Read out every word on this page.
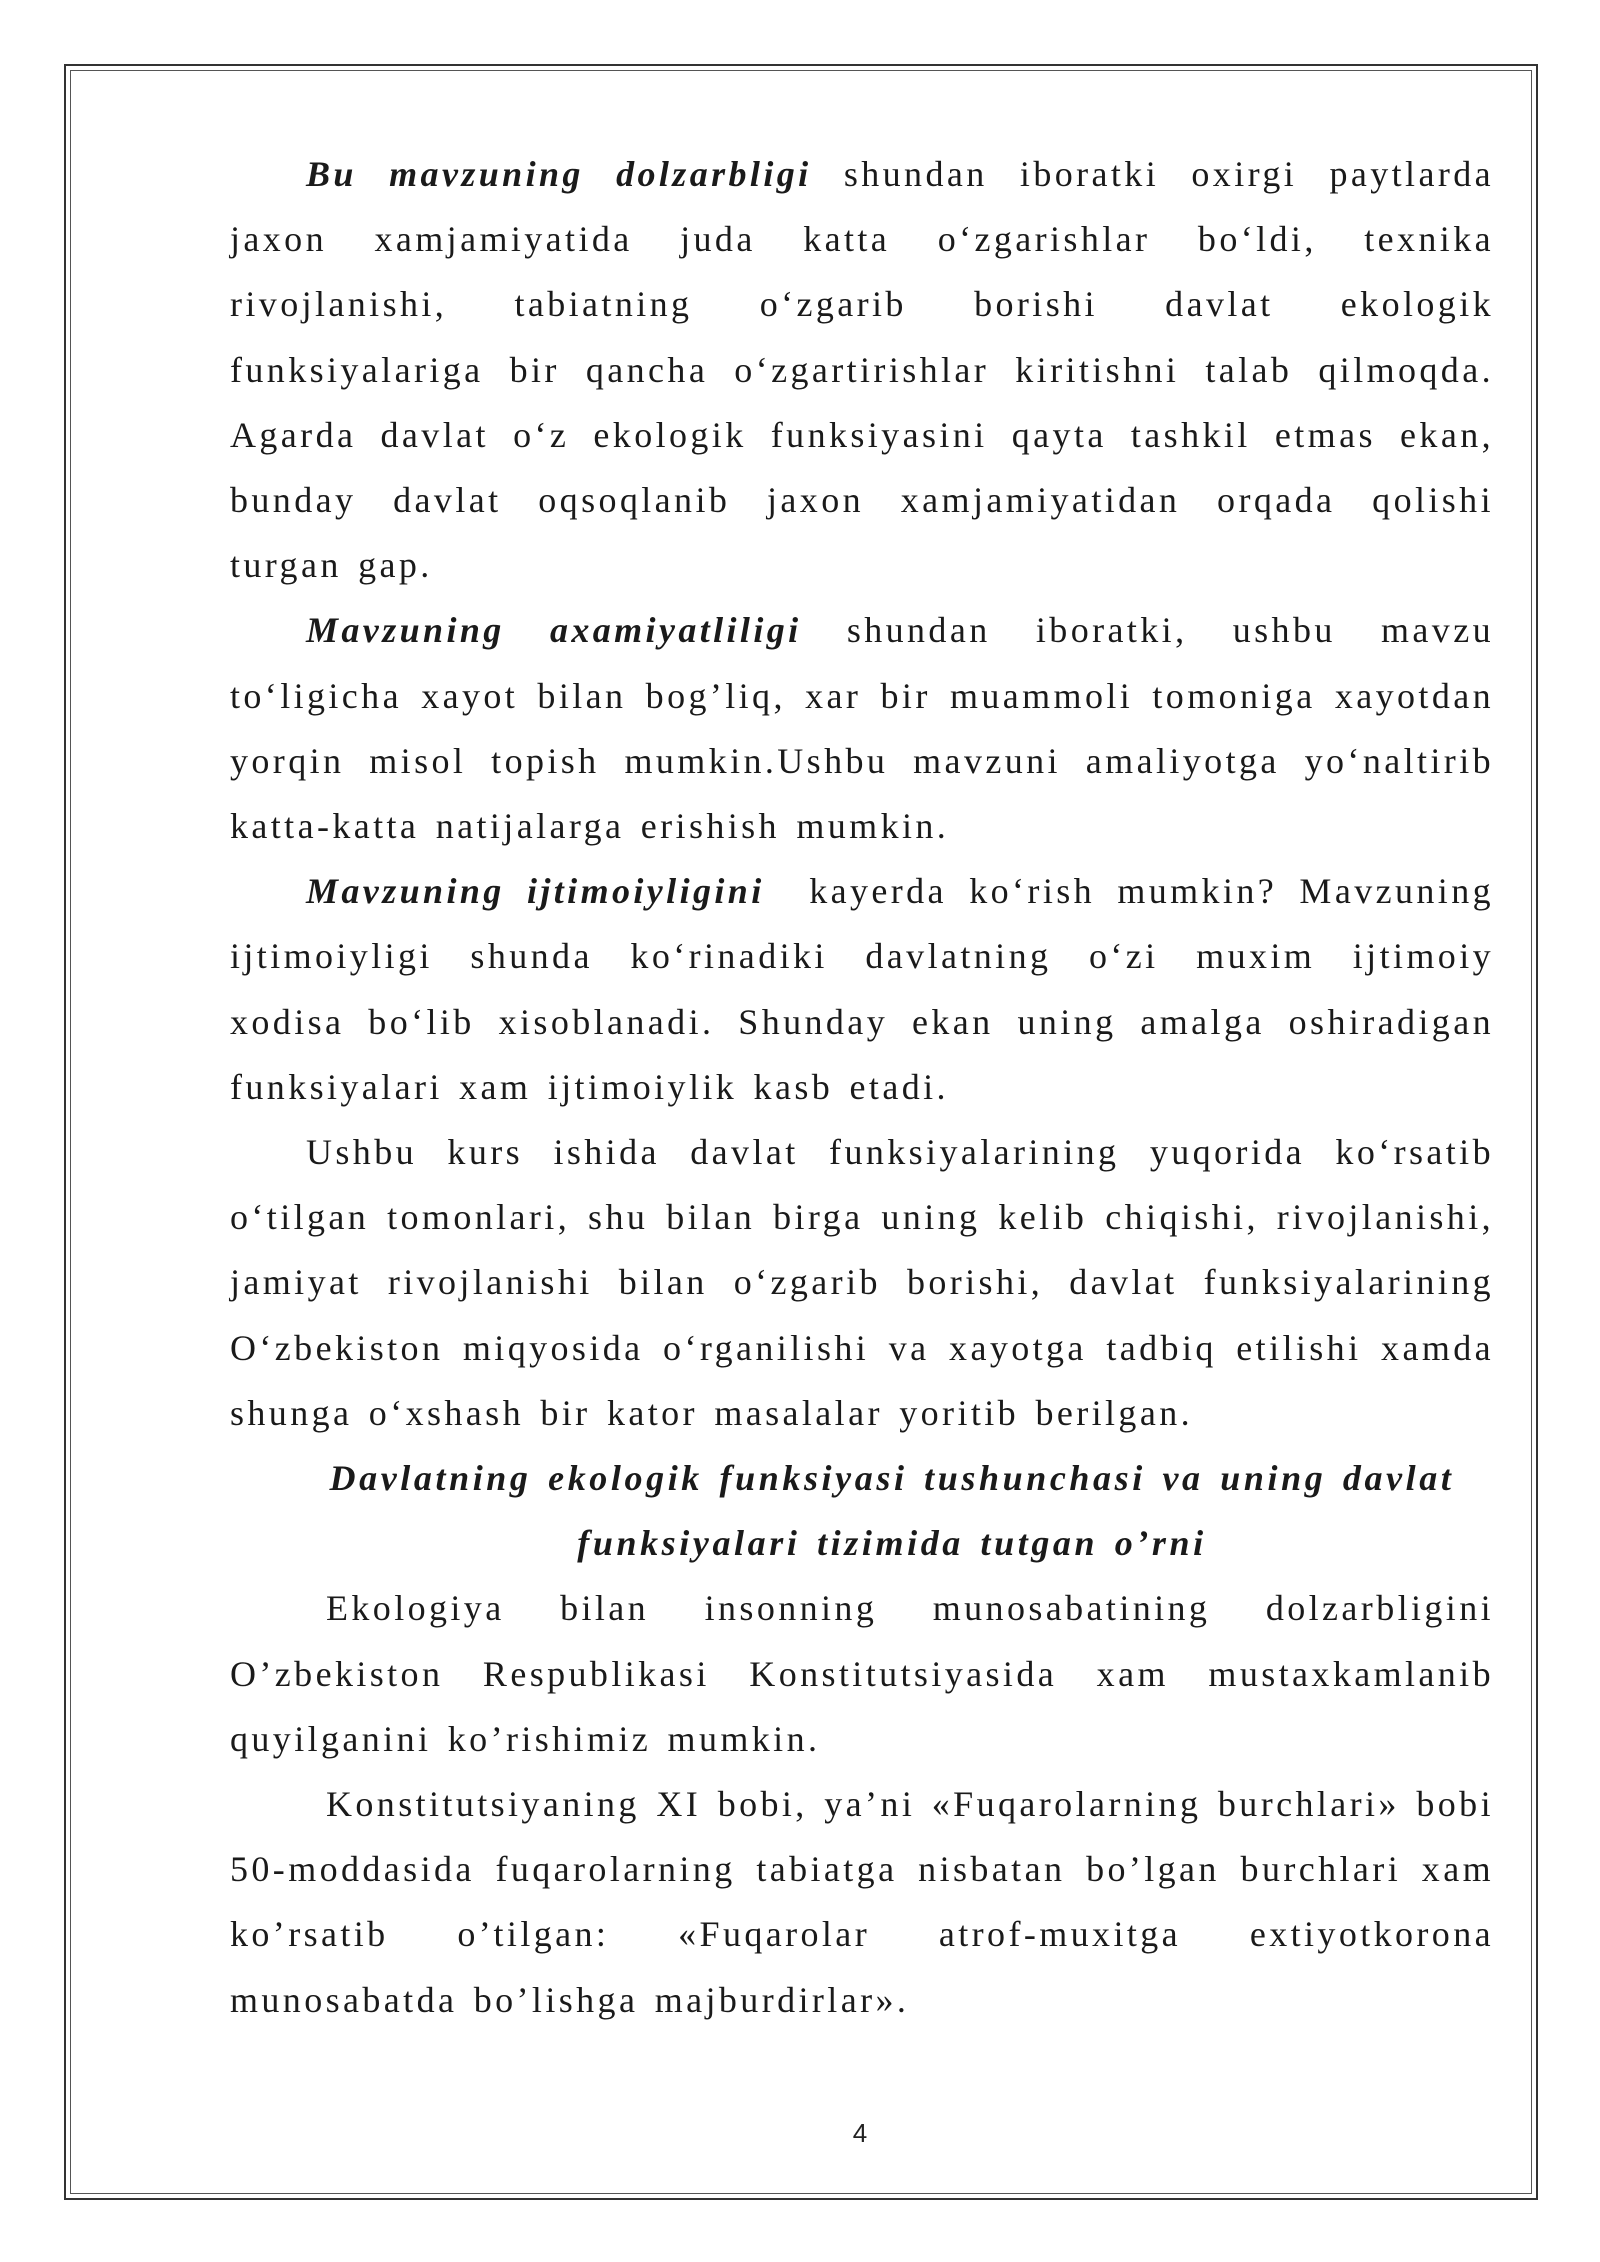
Bu mavzuning dolzarbligi shundan iboratki oxirgi paytlarda jaxon xamjamiyatida juda katta o‘zgarishlar bo‘ldi, texnika rivojlanishi, tabiatning o‘zgarib borishi davlat ekologik funksiyalariga bir qancha o‘zgartirishlar kiritishni talab qilmoqda. Agarda davlat o‘z ekologik funksiyasini qayta tashkil etmas ekan, bunday davlat oqsoqlanib jaxon xamjamiyatidan orqada qolishi turgan gap.

Mavzuning axamiyatliligi shundan iboratki, ushbu mavzu to‘ligicha xayot bilan bog’liq, xar bir muammoli tomoniga xayotdan yorqin misol topish mumkin.Ushbu mavzuni amaliyotga yo‘naltirib katta-katta natijalarga erishish mumkin.

Mavzuning ijtimoiyligini  kayerda ko‘rish mumkin? Mavzuning ijtimoiyligi shunda ko‘rinadiki davlatning o‘zi muxim ijtimoiy xodisa bo‘lib xisoblanadi. Shunday ekan uning amalga oshiradigan funksiyalari xam ijtimoiylik kasb etadi.

Ushbu kurs ishida davlat funksiyalarining yuqorida ko‘rsatib o‘tilgan tomonlari, shu bilan birga uning kelib chiqishi, rivojlanishi, jamiyat rivojlanishi bilan o‘zgarib borishi, davlat funksiyalarining O‘zbekiston miqyosida o‘rganilishi va xayotga tadbiq etilishi xamda shunga o‘xshash bir kator masalalar yoritib berilgan.

Davlatning ekologik funksiyasi tushunchasi va uning davlat
funksiyalari tizimida tutgan o’rni

Ekologiya bilan insonning munosabatining dolzarbligini O’zbekiston Respublikasi Konstitutsiyasida xam mustaxkamlanib quyilganini ko’rishimiz mumkin.

Konstitutsiyaning XI bobi, ya’ni «Fuqarolarning burchlari» bobi 50-moddasida fuqarolarning tabiatga nisbatan bo’lgan burchlari xam ko’rsatib o’tilgan: «Fuqarolar atrof-muxitga extiyotkorona munosabatda bo’lishga majburdirlar».

4
